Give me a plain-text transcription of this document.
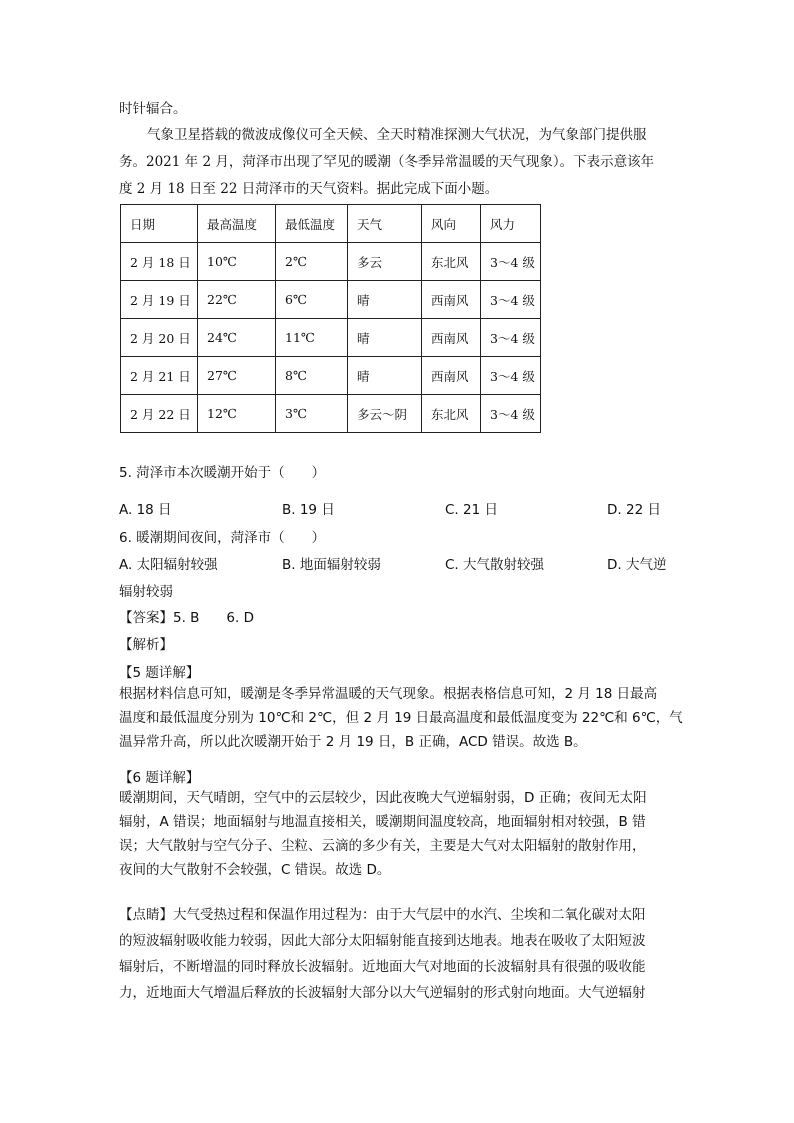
时针辐合。
气象卫星搭载的微波成像仪可全天候、全天时精准探测大气状况，为气象部门提供服
务。2021 年 2 月，菏泽市出现了罕见的暖潮（冬季异常温暖的天气现象）。下表示意该年
度 2 月 18 日至 22 日菏泽市的天气资料。据此完成下面小题。
日期	最高温度	最低温度	天气	风向	风力
2 月 18 日	10℃	2℃	多云	东北风	3～4 级
2 月 19 日	22℃	6℃	晴	西南风	3～4 级
2 月 20 日	24℃	11℃	晴	西南风	3～4 级
2 月 21 日	27℃	8℃	晴	西南风	3～4 级
2 月 22 日	12℃	3℃	多云～阴	东北风	3～4 级
5. 菏泽市本次暖潮开始于（　　）
A. 18 日	B. 19 日	C. 21 日	D. 22 日
6. 暖潮期间夜间，菏泽市（　　）
A. 太阳辐射较强	B. 地面辐射较弱	C. 大气散射较强	D. 大气逆
辐射较弱
【答案】5. B　　6. D
【解析】
【5 题详解】
根据材料信息可知，暖潮是冬季异常温暖的天气现象。根据表格信息可知，2 月 18 日最高
温度和最低温度分别为 10℃和 2℃，但 2 月 19 日最高温度和最低温度变为 22℃和 6℃，气
温异常升高，所以此次暖潮开始于 2 月 19 日，B 正确，ACD 错误。故选 B。
【6 题详解】
暖潮期间，天气晴朗，空气中的云层较少，因此夜晚大气逆辐射弱，D 正确；夜间无太阳
辐射，A 错误；地面辐射与地温直接相关，暖潮期间温度较高，地面辐射相对较强，B 错
误；大气散射与空气分子、尘粒、云滴的多少有关，主要是大气对太阳辐射的散射作用，
夜间的大气散射不会较强，C 错误。故选 D。
【点睛】大气受热过程和保温作用过程为：由于大气层中的水汽、尘埃和二氧化碳对太阳
的短波辐射吸收能力较弱，因此大部分太阳辐射能直接到达地表。地表在吸收了太阳短波
辐射后，不断增温的同时释放长波辐射。近地面大气对地面的长波辐射具有很强的吸收能
力，近地面大气增温后释放的长波辐射大部分以大气逆辐射的形式射向地面。大气逆辐射
